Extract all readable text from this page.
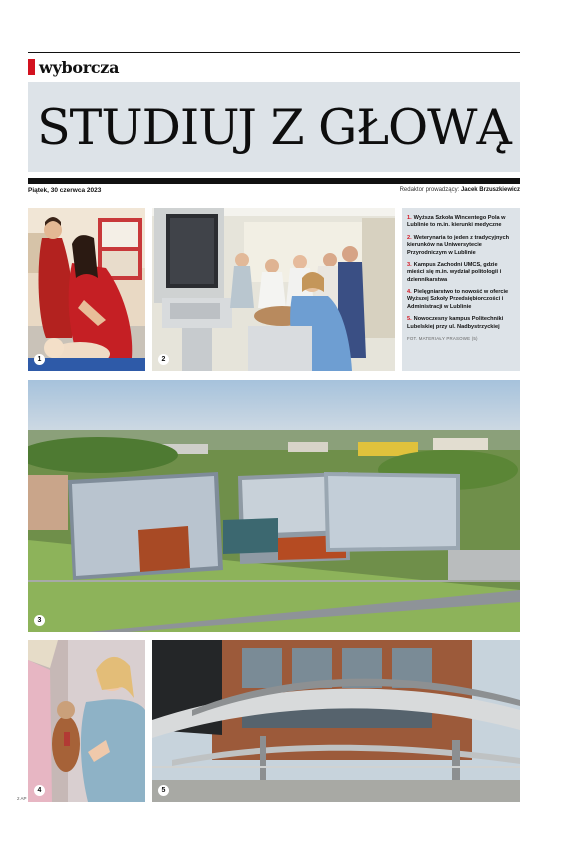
wyborcza
STUDIUJ Z GŁOWĄ
Piątek, 30 czerwca 2023	Redaktor prowadzący: Jacek Brzuszkiewicz
1	2

1. Wyższa Szkoła Wincentego Pola w Lublinie to m.in. kierunki medyczne

2. Weterynaria to jeden z tradycyjnych kierunków na Uniwersytecie Przyrodniczym w Lublinie

3. Kampus Zachodni UMCS, gdzie mieści się m.in. wydział politologii i dziennikarstwa

4. Pielęgniarstwo to nowość w ofercie Wyższej Szkoły Przedsiębiorczości i Administracji w Lublinie

5. Nowoczesny kampus Politechniki Lubelskiej przy ul. Nadbystrzyckiej

FOT. MATERIAŁY PRASOWE (5)

3
4	5
2 AP
